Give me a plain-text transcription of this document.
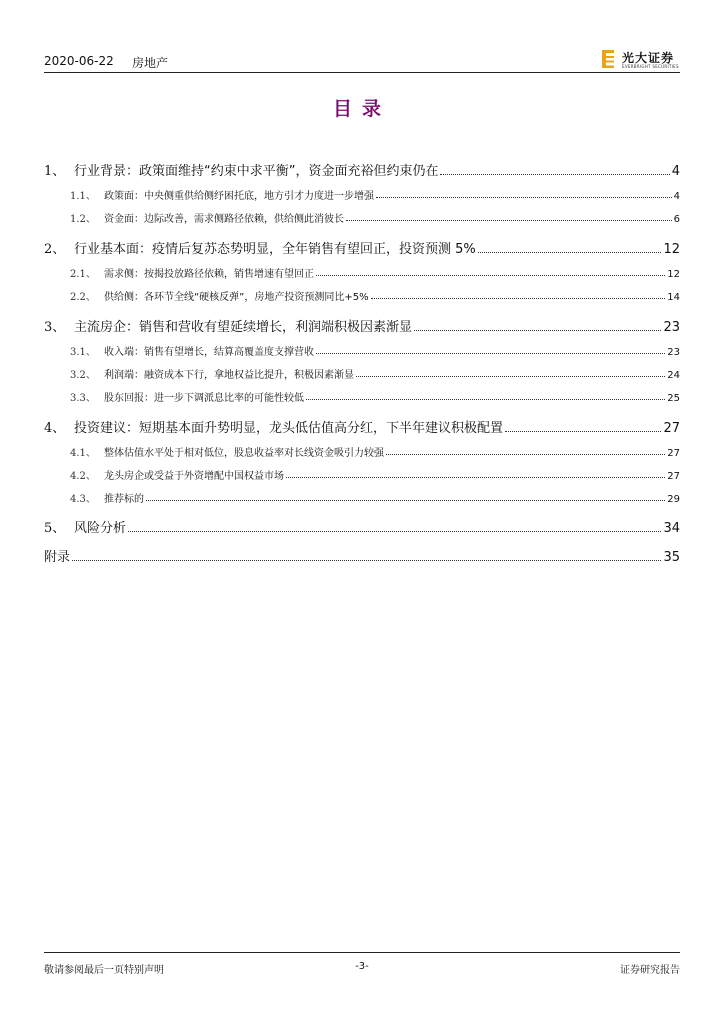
2020-06-22 房地产	光大证券
EVERBRIGHT SECURITIES
目录
1、 行业背景：政策面维持“约束中求平衡”，资金面充裕但约束仍在	4
1.1、 政策面：中央侧重供给侧纾困托底，地方引才力度进一步增强	4
1.2、 资金面：边际改善，需求侧路径依赖，供给侧此消彼长	6
2、 行业基本面：疫情后复苏态势明显，全年销售有望回正，投资预测 5%	12
2.1、 需求侧：按揭投放路径依赖，销售增速有望回正	12
2.2、 供给侧：各环节全线“硬核反弹”，房地产投资预测同比+5%	14
3、 主流房企：销售和营收有望延续增长，利润端积极因素渐显	23
3.1、 收入端：销售有望增长，结算高覆盖度支撑营收	23
3.2、 利润端：融资成本下行，拿地权益比提升，积极因素渐显	24
3.3、 股东回报：进一步下调派息比率的可能性较低	25
4、 投资建议：短期基本面升势明显，龙头低估值高分红，下半年建议积极配置	27
4.1、 整体估值水平处于相对低位，股息收益率对长线资金吸引力较强	27
4.2、 龙头房企或受益于外资增配中国权益市场	27
4.3、 推荐标的	29
5、 风险分析	34
附录	35
敬请参阅最后一页特别声明	-3-	证券研究报告
